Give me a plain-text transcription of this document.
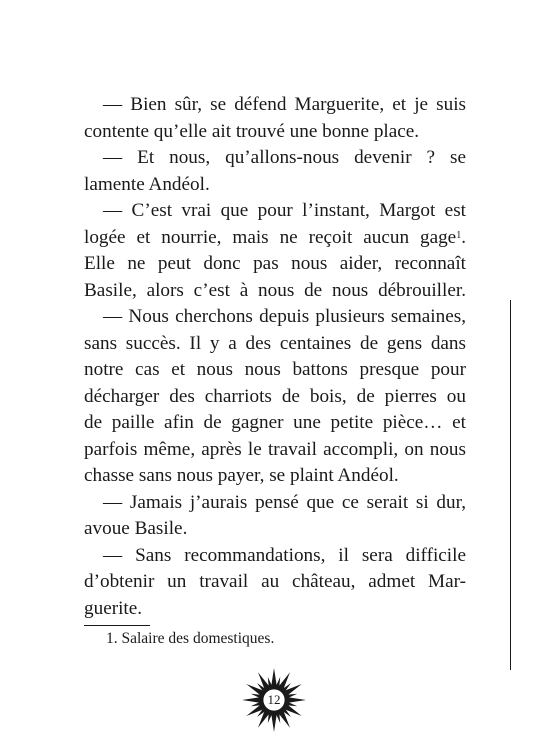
— Bien sûr, se défend Marguerite, et je suis
contente qu’elle ait trouvé une bonne place.
— Et nous, qu’allons-nous devenir ? se
lamente Andéol.
— C’est vrai que pour l’instant, Margot est
logée et nourrie, mais ne reçoit aucun gage$^1$.
Elle ne peut donc pas nous aider, reconnaît
Basile, alors c’est à nous de nous débrouiller.
— Nous cherchons depuis plusieurs semaines,
sans succès. Il y a des centaines de gens dans
notre cas et nous nous battons presque pour
décharger des charriots de bois, de pierres ou
de paille afin de gagner une petite pièce… et
parfois même, après le travail accompli, on nous
chasse sans nous payer, se plaint Andéol.
— Jamais j’aurais pensé que ce serait si dur,
avoue Basile.
— Sans recommandations, il sera difficile
d’obtenir un travail au château, admet Mar-
guerite.
1. Salaire des domestiques.
12
